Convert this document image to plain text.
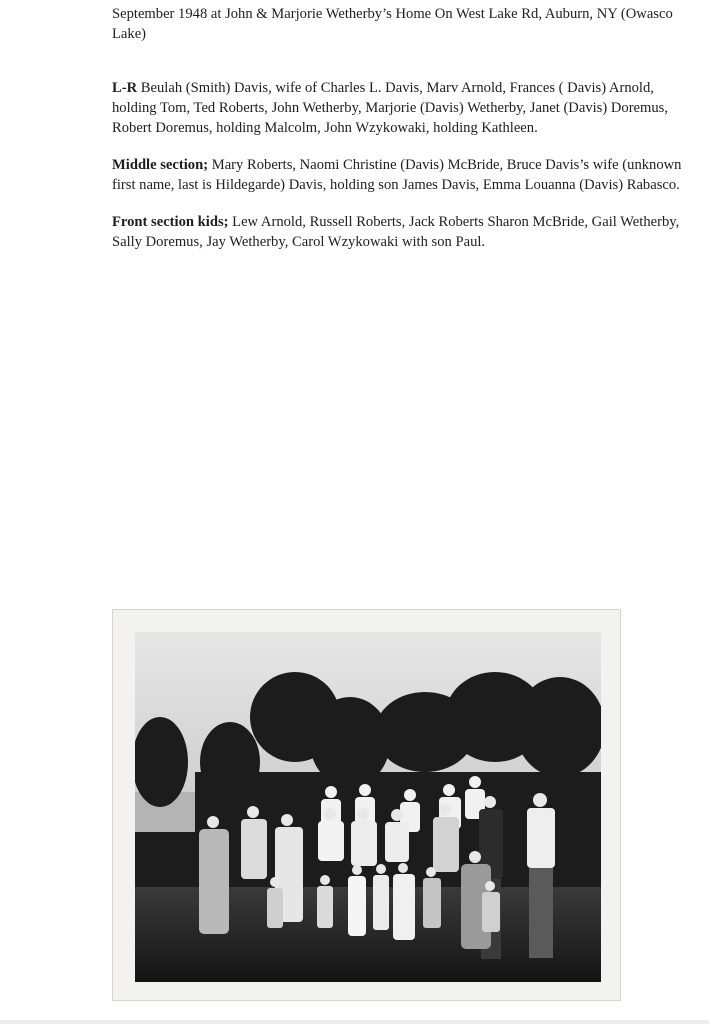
September 1948 at John & Marjorie Wetherby’s Home On West Lake Rd, Auburn, NY (Owasco Lake)

L-R Beulah (Smith) Davis, wife of Charles L. Davis, Marv Arnold, Frances ( Davis) Arnold, holding Tom, Ted Roberts, John Wetherby, Marjorie (Davis) Wetherby, Janet (Davis) Doremus, Robert Doremus, holding Malcolm, John Wzykowaki, holding Kathleen.

Middle section; Mary Roberts, Naomi Christine (Davis) McBride, Bruce Davis’s wife (unknown first name, last is Hildegarde) Davis, holding son James Davis, Emma Louanna (Davis) Rabasco.

Front section kids; Lew Arnold, Russell Roberts, Jack Roberts Sharon McBride, Gail Wetherby, Sally Doremus, Jay Wetherby, Carol Wzykowaki with son Paul.
